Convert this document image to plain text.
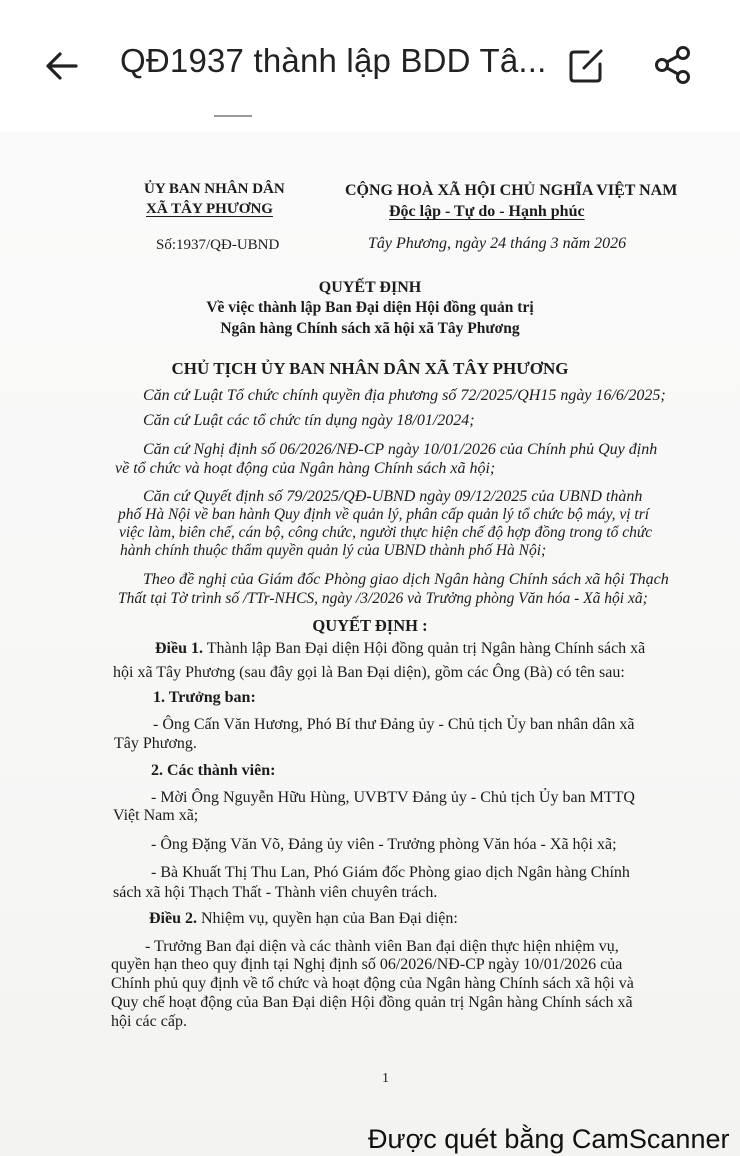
QĐ1937 thành lập BDD Tâ...
ỦY BAN NHÂN DÂN
XÃ TÂY PHƯƠNG
CỘNG HOÀ XÃ HỘI CHỦ NGHĨA VIỆT NAM
Độc lập - Tự do - Hạnh phúc
Số:1937/QĐ-UBND	Tây Phương, ngày 24 tháng 3 năm 2026
QUYẾT ĐỊNH
Về việc thành lập Ban Đại diện Hội đồng quản trị
Ngân hàng Chính sách xã hội xã Tây Phương
CHỦ TỊCH ỦY BAN NHÂN DÂN XÃ TÂY PHƯƠNG
Căn cứ Luật Tổ chức chính quyền địa phương số 72/2025/QH15 ngày 16/6/2025;
Căn cứ Luật các tổ chức tín dụng ngày 18/01/2024;
Căn cứ Nghị định số 06/2026/NĐ-CP ngày 10/01/2026 của Chính phủ Quy định
về tổ chức và hoạt động của Ngân hàng Chính sách xã hội;
Căn cứ Quyết định số 79/2025/QĐ-UBND ngày 09/12/2025 của UBND thành
phố Hà Nội về ban hành Quy định về quản lý, phân cấp quản lý tổ chức bộ máy, vị trí
việc làm, biên chế, cán bộ, công chức, người thực hiện chế độ hợp đồng trong tổ chức
hành chính thuộc thẩm quyền quản lý của UBND thành phố Hà Nội;
Theo đề nghị của Giám đốc Phòng giao dịch Ngân hàng Chính sách xã hội Thạch
Thất tại Tờ trình số /TTr-NHCS, ngày /3/2026 và Trưởng phòng Văn hóa - Xã hội xã;
QUYẾT ĐỊNH :
Điều 1. Thành lập Ban Đại diện Hội đồng quản trị Ngân hàng Chính sách xã
hội xã Tây Phương (sau đây gọi là Ban Đại diện), gồm các Ông (Bà) có tên sau:
1. Trưởng ban:
- Ông Cấn Văn Hương, Phó Bí thư Đảng ủy - Chủ tịch Ủy ban nhân dân xã
Tây Phương.
2. Các thành viên:
- Mời Ông Nguyễn Hữu Hùng, UVBTV Đảng ủy - Chủ tịch Ủy ban MTTQ
Việt Nam xã;
- Ông Đặng Văn Võ, Đảng ủy viên - Trưởng phòng Văn hóa - Xã hội xã;
- Bà Khuất Thị Thu Lan, Phó Giám đốc Phòng giao dịch Ngân hàng Chính
sách xã hội Thạch Thất - Thành viên chuyên trách.
Điều 2. Nhiệm vụ, quyền hạn của Ban Đại diện:
- Trưởng Ban đại diện và các thành viên Ban đại diện thực hiện nhiệm vụ,
quyền hạn theo quy định tại Nghị định số 06/2026/NĐ-CP ngày 10/01/2026 của
Chính phủ quy định về tổ chức và hoạt động của Ngân hàng Chính sách xã hội và
Quy chế hoạt động của Ban Đại diện Hội đồng quản trị Ngân hàng Chính sách xã
hội các cấp.
1
Được quét bằng CamScanner
